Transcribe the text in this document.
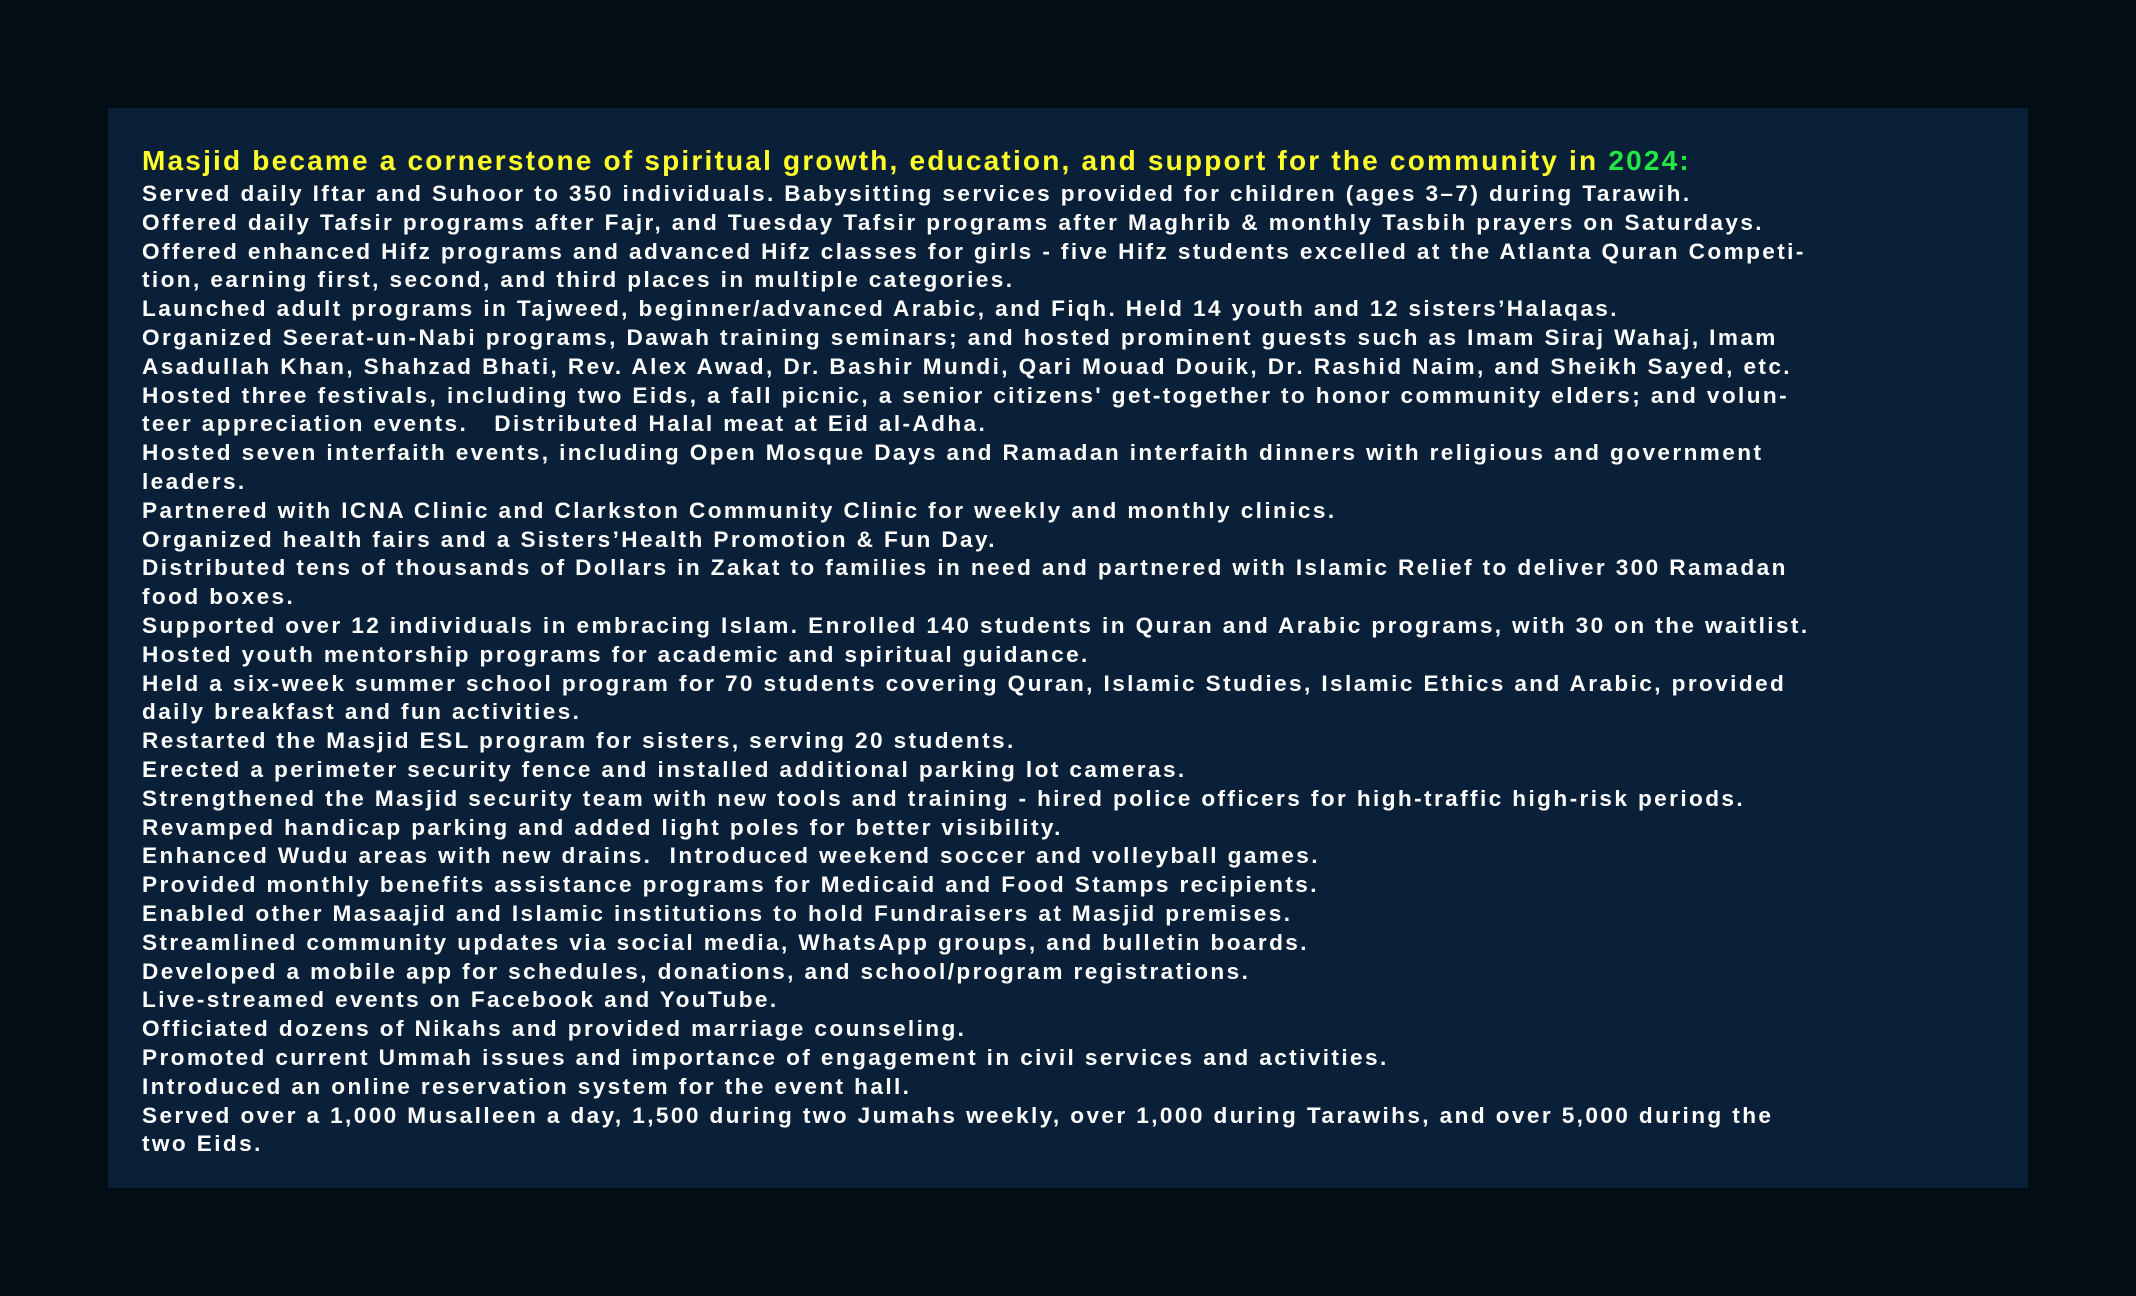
Masjid became a cornerstone of spiritual growth, education, and support for the community in 2024:
Served daily Iftar and Suhoor to 350 individuals. Babysitting services provided for children (ages 3–7) during Tarawih.
Offered daily Tafsir programs after Fajr, and Tuesday Tafsir programs after Maghrib & monthly Tasbih prayers on Saturdays.
Offered enhanced Hifz programs and advanced Hifz classes for girls - five Hifz students excelled at the Atlanta Quran Competi-
tion, earning first, second, and third places in multiple categories.
Launched adult programs in Tajweed, beginner/advanced Arabic, and Fiqh. Held 14 youth and 12 sisters’Halaqas.
Organized Seerat-un-Nabi programs, Dawah training seminars; and hosted prominent guests such as Imam Siraj Wahaj, Imam
Asadullah Khan, Shahzad Bhati, Rev. Alex Awad, Dr. Bashir Mundi, Qari Mouad Douik, Dr. Rashid Naim, and Sheikh Sayed, etc.
Hosted three festivals, including two Eids, a fall picnic, a senior citizens' get-together to honor community elders; and volun-
teer appreciation events.   Distributed Halal meat at Eid al-Adha.
Hosted seven interfaith events, including Open Mosque Days and Ramadan interfaith dinners with religious and government
leaders.
Partnered with ICNA Clinic and Clarkston Community Clinic for weekly and monthly clinics.
Organized health fairs and a Sisters’Health Promotion & Fun Day.
Distributed tens of thousands of Dollars in Zakat to families in need and partnered with Islamic Relief to deliver 300 Ramadan
food boxes.
Supported over 12 individuals in embracing Islam. Enrolled 140 students in Quran and Arabic programs, with 30 on the waitlist.
Hosted youth mentorship programs for academic and spiritual guidance.
Held a six-week summer school program for 70 students covering Quran, Islamic Studies, Islamic Ethics and Arabic, provided
daily breakfast and fun activities.
Restarted the Masjid ESL program for sisters, serving 20 students.
Erected a perimeter security fence and installed additional parking lot cameras.
Strengthened the Masjid security team with new tools and training - hired police officers for high-traffic high-risk periods.
Revamped handicap parking and added light poles for better visibility.
Enhanced Wudu areas with new drains.  Introduced weekend soccer and volleyball games.
Provided monthly benefits assistance programs for Medicaid and Food Stamps recipients.
Enabled other Masaajid and Islamic institutions to hold Fundraisers at Masjid premises.
Streamlined community updates via social media, WhatsApp groups, and bulletin boards.
Developed a mobile app for schedules, donations, and school/program registrations.
Live-streamed events on Facebook and YouTube.
Officiated dozens of Nikahs and provided marriage counseling.
Promoted current Ummah issues and importance of engagement in civil services and activities.
Introduced an online reservation system for the event hall.
Served over a 1,000 Musalleen a day, 1,500 during two Jumahs weekly, over 1,000 during Tarawihs, and over 5,000 during the
two Eids.
